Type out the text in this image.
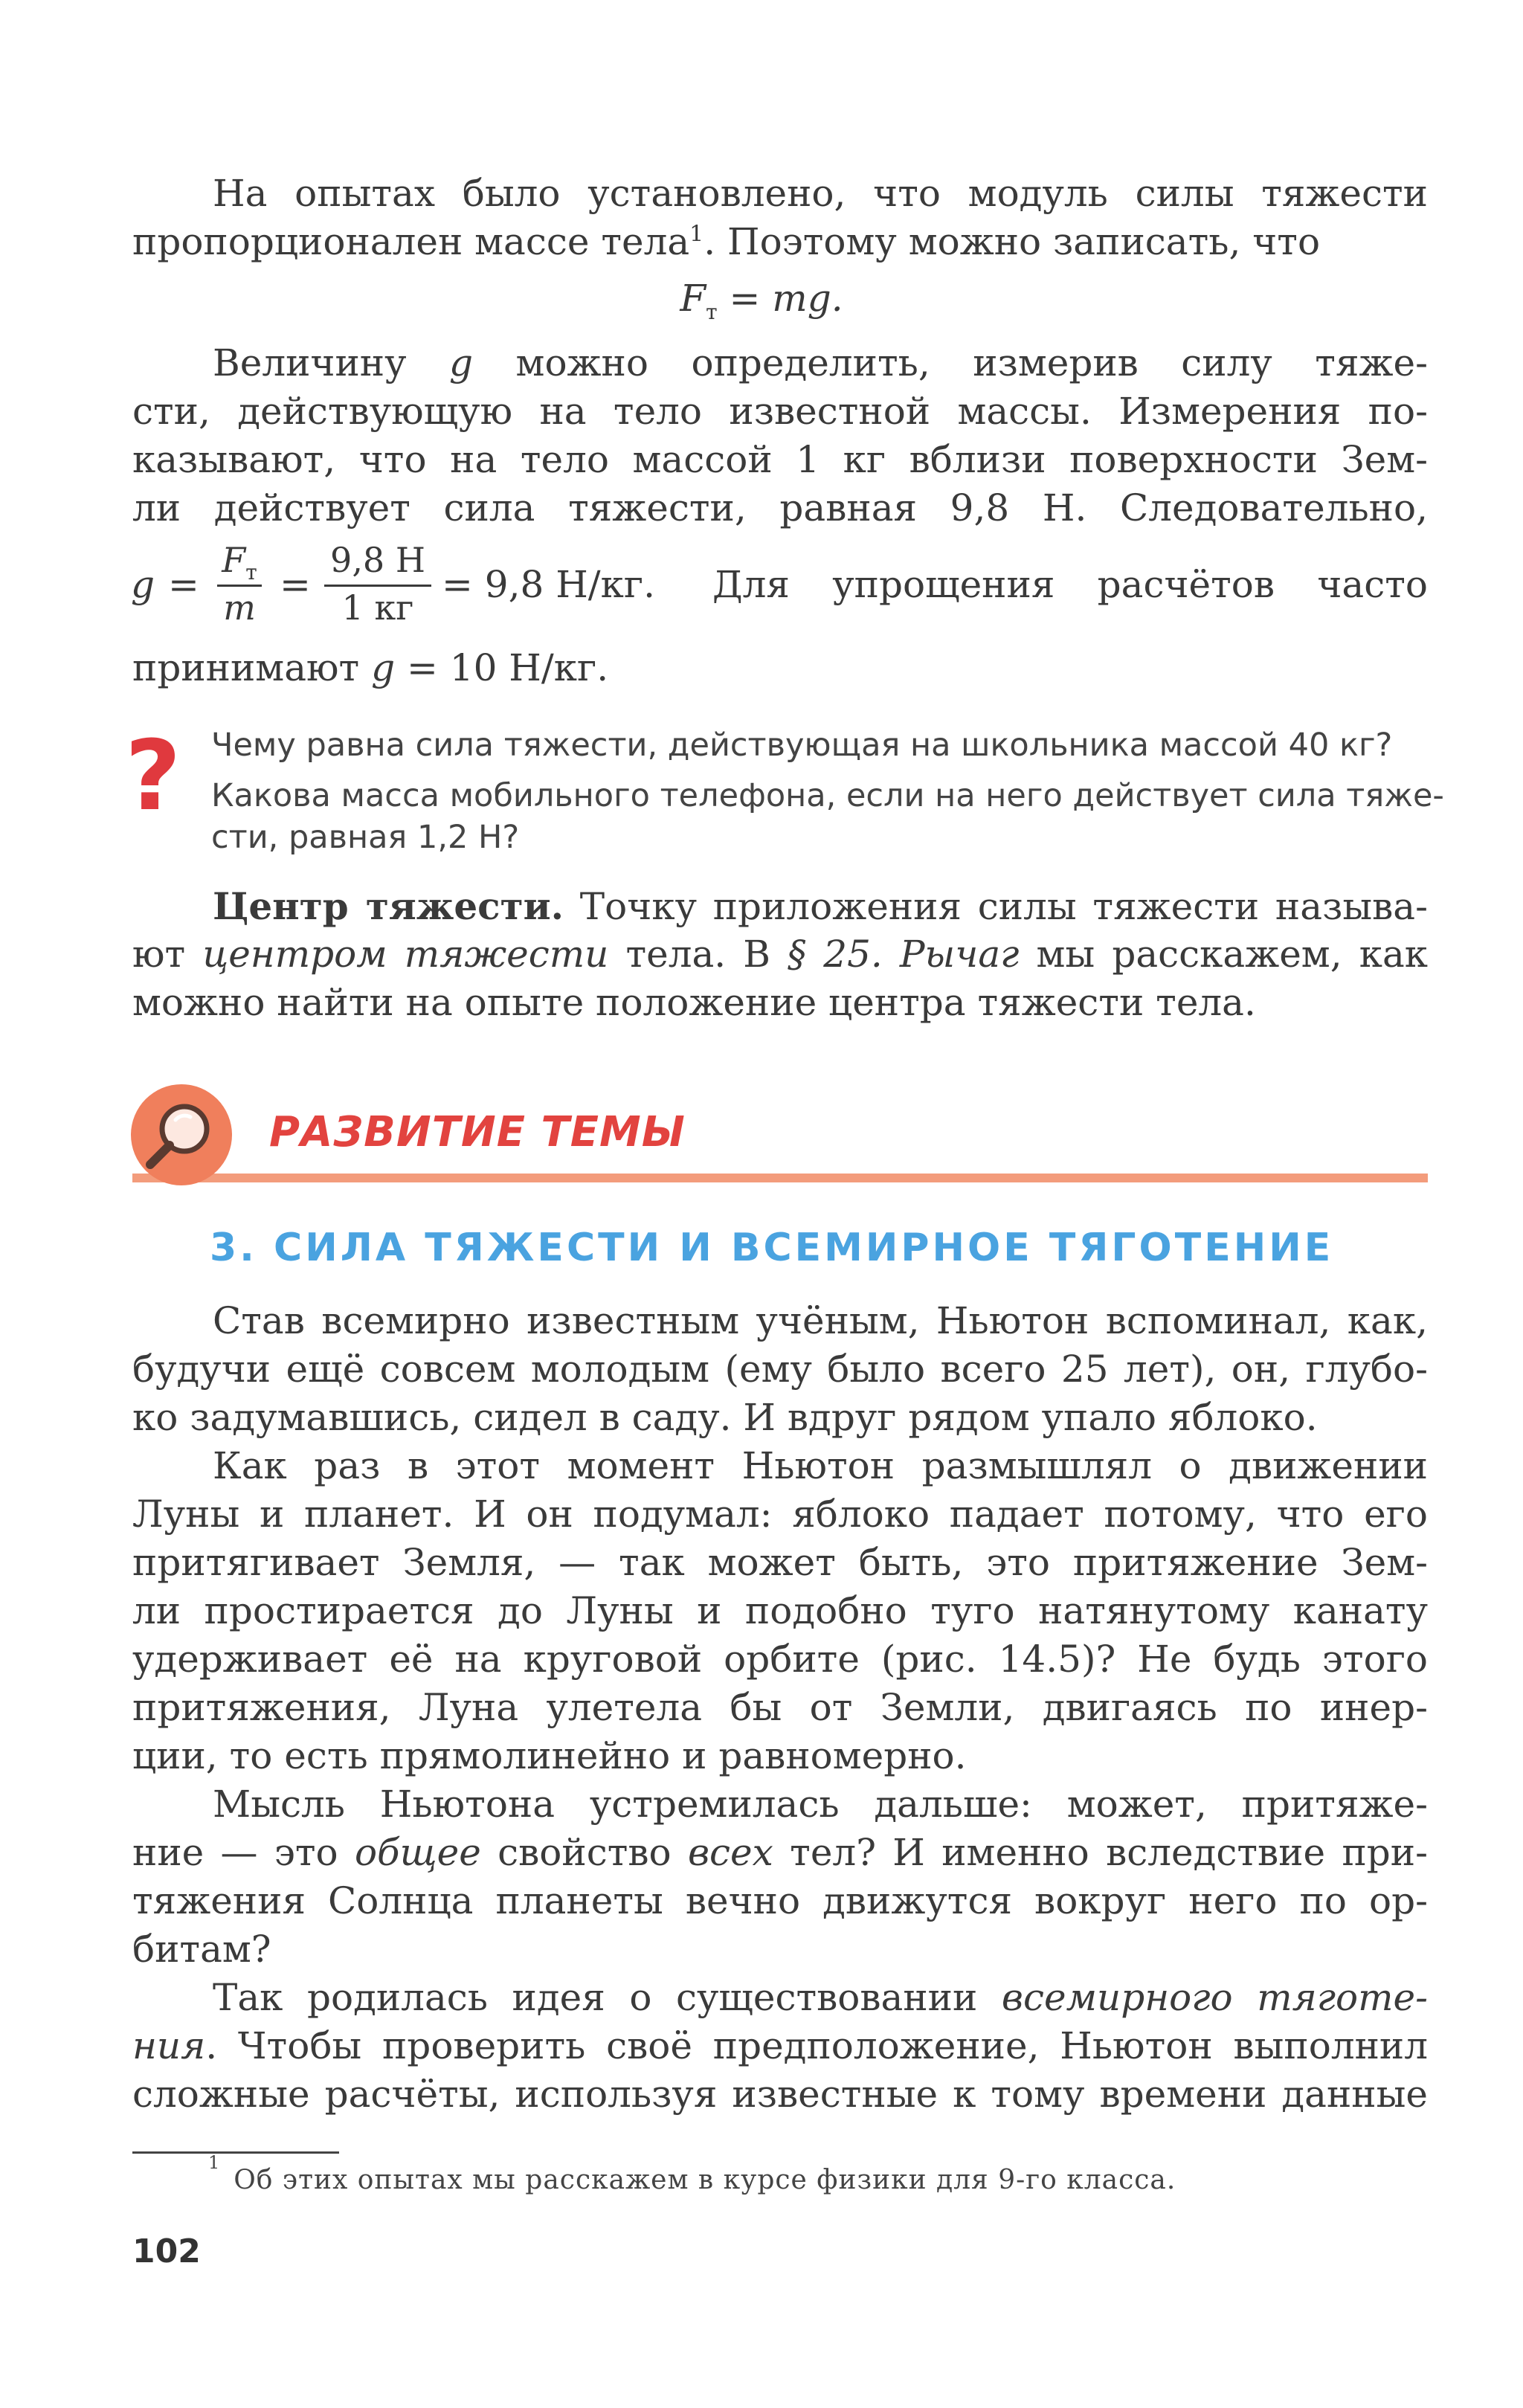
На опытах было установлено, что модуль силы тяжести
пропорционален массе тела$^1$. Поэтому можно записать, что
$F_т$ = mg.
Величину g можно определить, измерив силу тяже-
сти, действующую на тело известной массы. Измерения по-
казывают, что на тело массой 1 кг вблизи поверхности Зем-
ли действует сила тяжести, равная 9,8 Н. Следовательно,
g =
$F_т$
m
=
9,8 Н
1 кг
= 9,8 Н/кг. Для упрощения расчётов часто
принимают g = 10 Н/кг.
? Чему равна сила тяжести, действующая на школьника массой 40 кг?
Какова масса мобильного телефона, если на него действует сила тяже-
сти, равная 1,2 Н?
Центр тяжести. Точку приложения силы тяжести называ-
ют центром тяжести тела. В § 25. Рычаг мы расскажем, как
можно найти на опыте положение центра тяжести тела.
РАЗВИТИЕ ТЕМЫ
3. СИЛА ТЯЖЕСТИ И ВСЕМИРНОЕ ТЯГОТЕНИЕ
Став всемирно известным учёным, Ньютон вспоминал, как,
будучи ещё совсем молодым (ему было всего 25 лет), он, глубо-
ко задумавшись, сидел в саду. И вдруг рядом упало яблоко.
Как раз в этот момент Ньютон размышлял о движении
Луны и планет. И он подумал: яблоко падает потому, что его
притягивает Земля, — так может быть, это притяжение Зем-
ли простирается до Луны и подобно туго натянутому канату
удерживает её на круговой орбите (рис. 14.5)? Не будь этого
притяжения, Луна улетела бы от Земли, двигаясь по инер-
ции, то есть прямолинейно и равномерно.
Мысль Ньютона устремилась дальше: может, притяже-
ние — это общее свойство всех тел? И именно вследствие при-
тяжения Солнца планеты вечно движутся вокруг него по ор-
битам?
Так родилась идея о существовании всемирного тяготе-
ния. Чтобы проверить своё предположение, Ньютон выполнил
сложные расчёты, используя известные к тому времени данные
$^1$Об этих опытах мы расскажем в курсе физики для 9-го класса.
102
